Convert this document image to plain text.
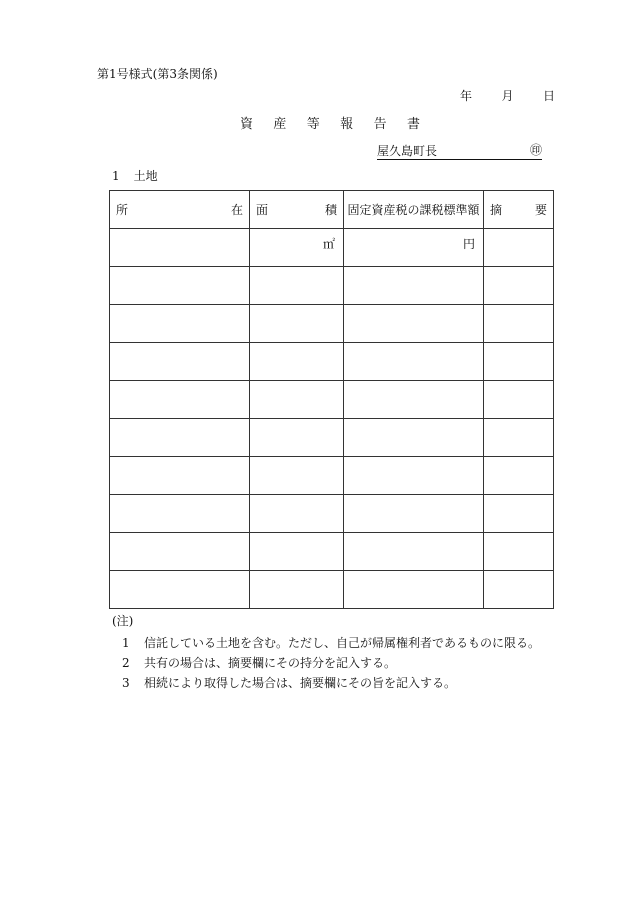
第1号様式(第3条関係)
年 月 日
資 産 等 報 告 書
屋久島町長	㊞
1 土地
所 在	面 積	固定資産税の課税標準額	摘 要

	㎡	円	

(注)
1 信託している土地を含む。ただし、自己が帰属権利者であるものに限る。
2 共有の場合は、摘要欄にその持分を記入する。
3 相続により取得した場合は、摘要欄にその旨を記入する。
